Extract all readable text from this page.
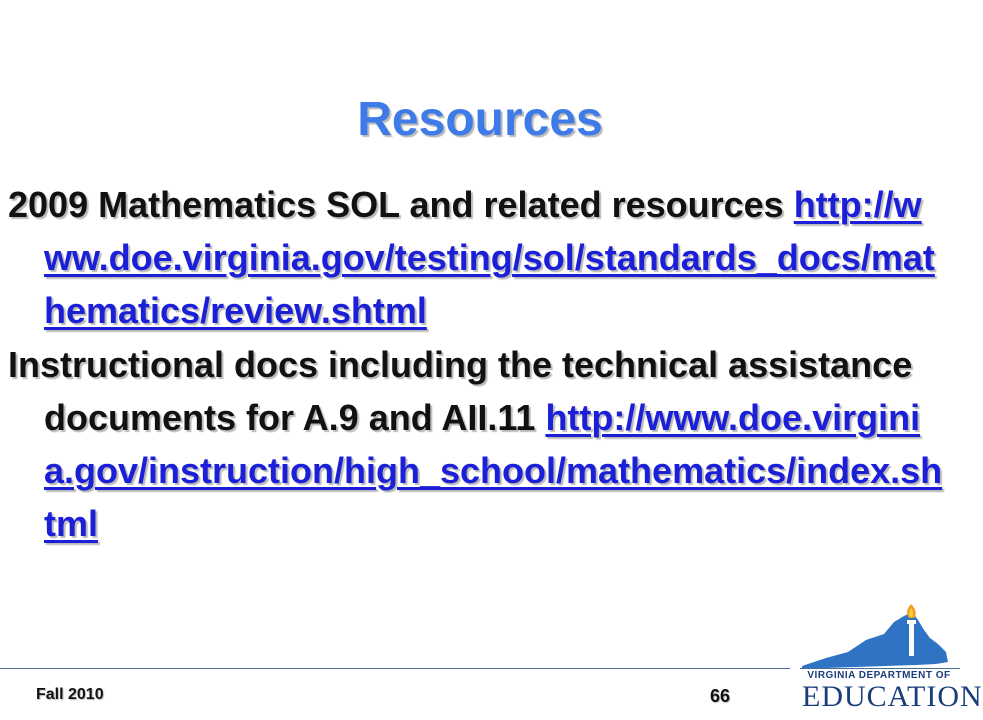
Resources

2009 Mathematics SOL and related resources http://www.doe.virginia.gov/testing/sol/standards_docs/mathematics/review.shtml

Instructional docs including the technical assistance documents for A.9 and AII.11 http://www.doe.virginia.gov/instruction/high_school/mathematics/index.shtml

Fall 2010	66
VIRGINIA DEPARTMENT OF
EDUCATION
